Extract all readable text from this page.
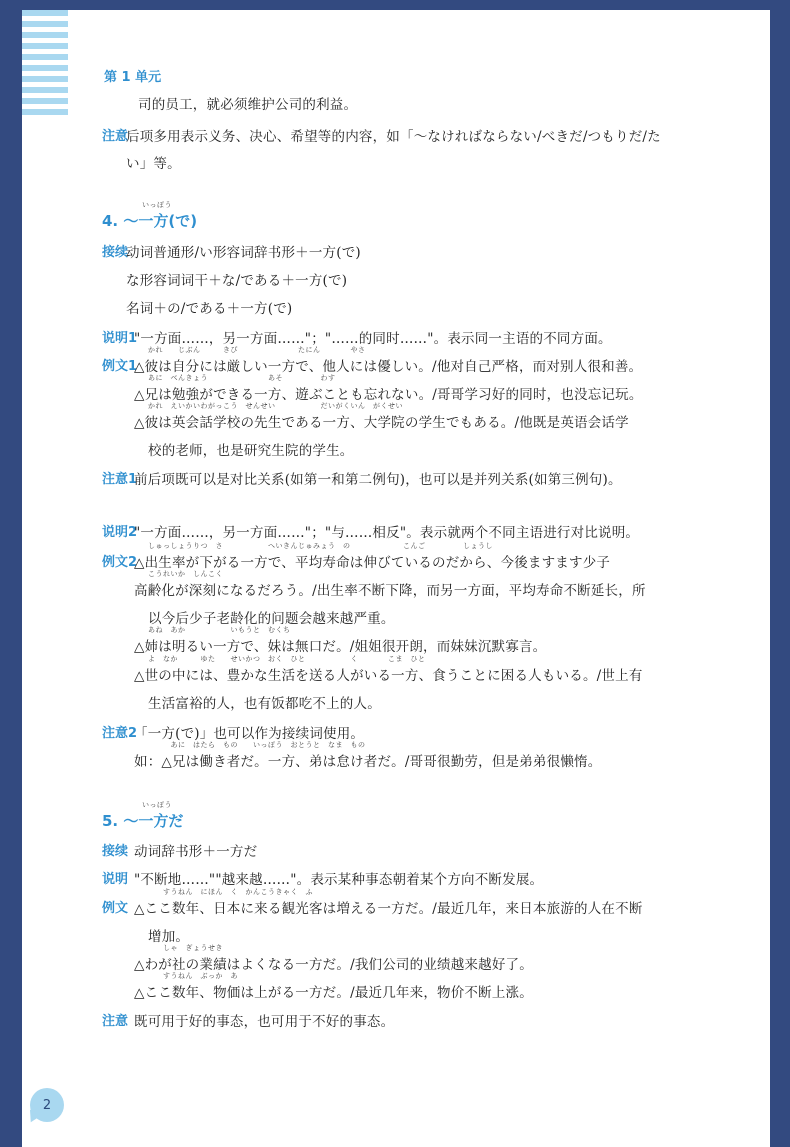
第 1 单元
司的员工，就必须维护公司的利益。
注意
后项多用表示义务、决心、希望等的内容，如「～なければならない/べきだ/つもりだ/た
い」等。
4. ～一方(で)
いっぽう
接续
动词普通形/い形容词辞书形＋一方(で)
な形容词词干＋な/である＋一方(で)
名词＋の/である＋一方(で)
说明1
"一方面……，另一方面……"；"……的同时……"。表示同一主语的不同方面。
例文1
△彼は自分には厳しい一方で、他人には優しい。/他对自己严格，而对别人很和善。
かれ　　じぶん　　　きび　　　　　　　　たにん　　　　やさ
△兄は勉強ができる一方、遊ぶことも忘れない。/哥哥学习好的同时，也没忘记玩。
あに　べんきょう　　　　　　　　あそ　　　　　わす
△彼は英会話学校の先生である一方、大学院の学生でもある。/他既是英语会话学
かれ　えいかいわがっこう　せんせい　　　　　　だいがくいん　がくせい
校的老师，也是研究生院的学生。
注意1
前后项既可以是对比关系(如第一和第二例句)，也可以是并列关系(如第三例句)。
说明2
"一方面……，另一方面……"；"与……相反"。表示就两个不同主语进行对比说明。
例文2
△出生率が下がる一方で、平均寿命は伸びているのだから、今後ますます少子
しゅっしょうりつ　さ　　　　　　へいきんじゅみょう　の　　　　　　　こんご　　　　　しょうし
高齢化が深刻になるだろう。/出生率不断下降，而另一方面，平均寿命不断延长，所
こうれいか　しんこく
以今后少子老龄化的问题会越来越严重。
△姉は明るい一方で、妹は無口だ。/姐姐很开朗，而妹妹沉默寡言。
あね　あか　　　　　　いもうと　むくち
△世の中には、豊かな生活を送る人がいる一方、食うことに困る人もいる。/世上有
よ　なか　　　ゆた　　せいかつ　おく　ひと　　　　　　く　　　　こま　ひと
生活富裕的人，也有饭都吃不上的人。
注意2
「一方(で)」也可以作为接续词使用。
如：△兄は働き者だ。一方、弟は怠け者だ。/哥哥很勤劳，但是弟弟很懒惰。
　　　あに　はたら　もの　　いっぽう　おとうと　なま　もの
5. ～一方だ
いっぽう
接续 动词辞书形＋一方だ
说明 "不断地……""越来越……"。表示某种事态朝着某个方向不断发展。
例文 △ここ数年、日本に来る観光客は増える一方だ。/最近几年，来日本旅游的人在不断
　　すうねん　にほん　く　かんこうきゃく　ふ
增加。
△わが社の業績はよくなる一方だ。/我们公司的业绩越来越好了。
　　しゃ　ぎょうせき
△ここ数年、物価は上がる一方だ。/最近几年来，物价不断上涨。
　　すうねん　ぶっか　あ
注意 既可用于好的事态，也可用于不好的事态。
2
